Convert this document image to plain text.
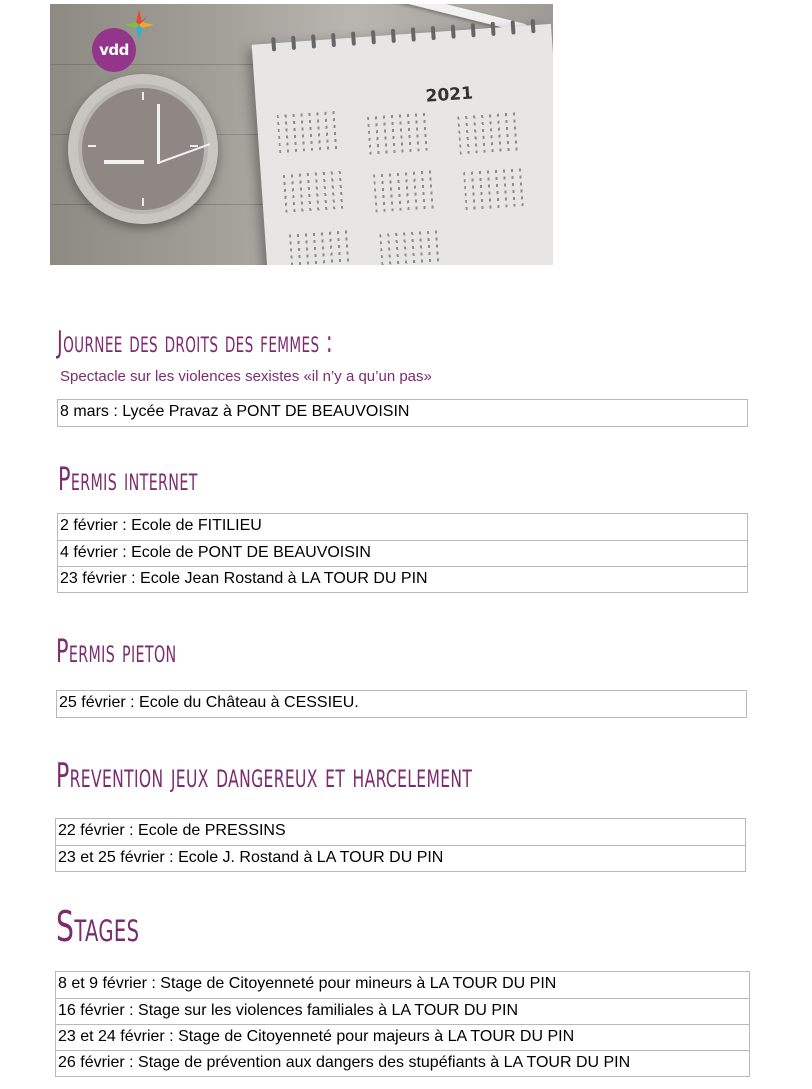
2021
vdd
Journee des droits des femmes :

Spectacle sur les violences sexistes «il n’y a qu’un pas»

8 mars : Lycée Pravaz à PONT DE BEAUVOISIN
Permis internet
2 février : Ecole de FITILIEU
4 février : Ecole de PONT DE BEAUVOISIN
23 février : Ecole Jean Rostand à LA TOUR DU PIN
Permis pieton
25 février : Ecole du Château à CESSIEU.
Prevention jeux dangereux et harcelement
22 février : Ecole de PRESSINS
23 et 25 février : Ecole J. Rostand à LA TOUR DU PIN
Stages
8 et 9 février : Stage de Citoyenneté pour mineurs à LA TOUR DU PIN
16 février : Stage sur les violences familiales à LA TOUR DU PIN
23 et 24 février : Stage de Citoyenneté pour majeurs à LA TOUR DU PIN
26 février : Stage de prévention aux dangers des stupéfiants à LA TOUR DU PIN
